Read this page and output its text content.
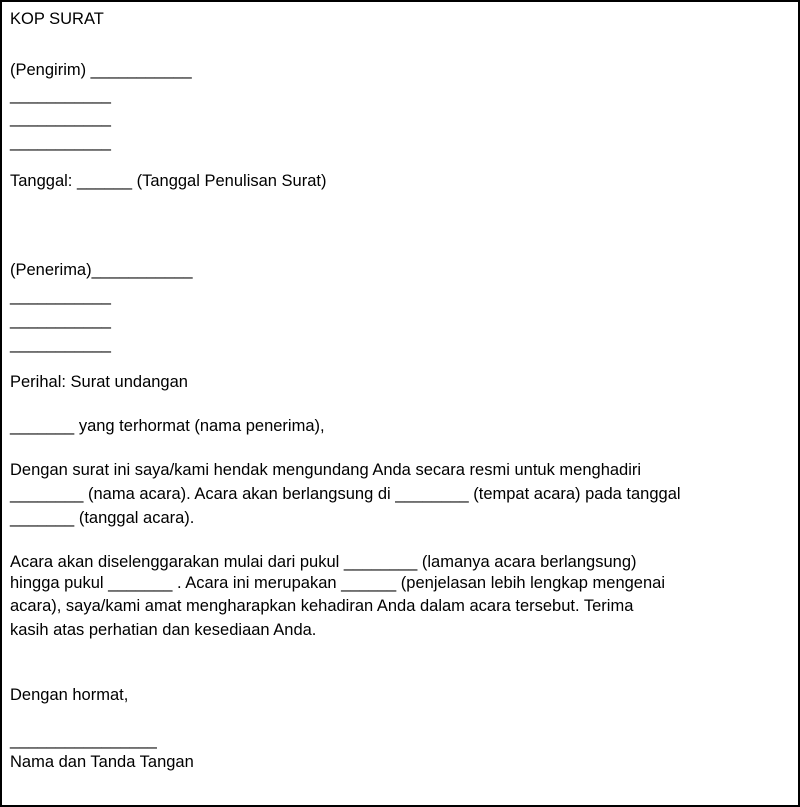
KOP SURAT

(Pengirim) ___________

___________

___________

___________

Tanggal: ______ (Tanggal Penulisan Surat)

(Penerima)___________

___________

___________

___________

Perihal: Surat undangan

_______ yang terhormat (nama penerima),

Dengan surat ini saya/kami hendak mengundang Anda secara resmi untuk menghadiri

________ (nama acara). Acara akan berlangsung di ________ (tempat acara) pada tanggal

_______ (tanggal acara).

Acara akan diselenggarakan mulai dari pukul ________ (lamanya acara berlangsung)

hingga pukul _______ . Acara ini merupakan ______ (penjelasan lebih lengkap mengenai

acara), saya/kami amat mengharapkan kehadiran Anda dalam acara tersebut. Terima

kasih atas perhatian dan kesediaan Anda.

Dengan hormat,

________________

Nama dan Tanda Tangan
